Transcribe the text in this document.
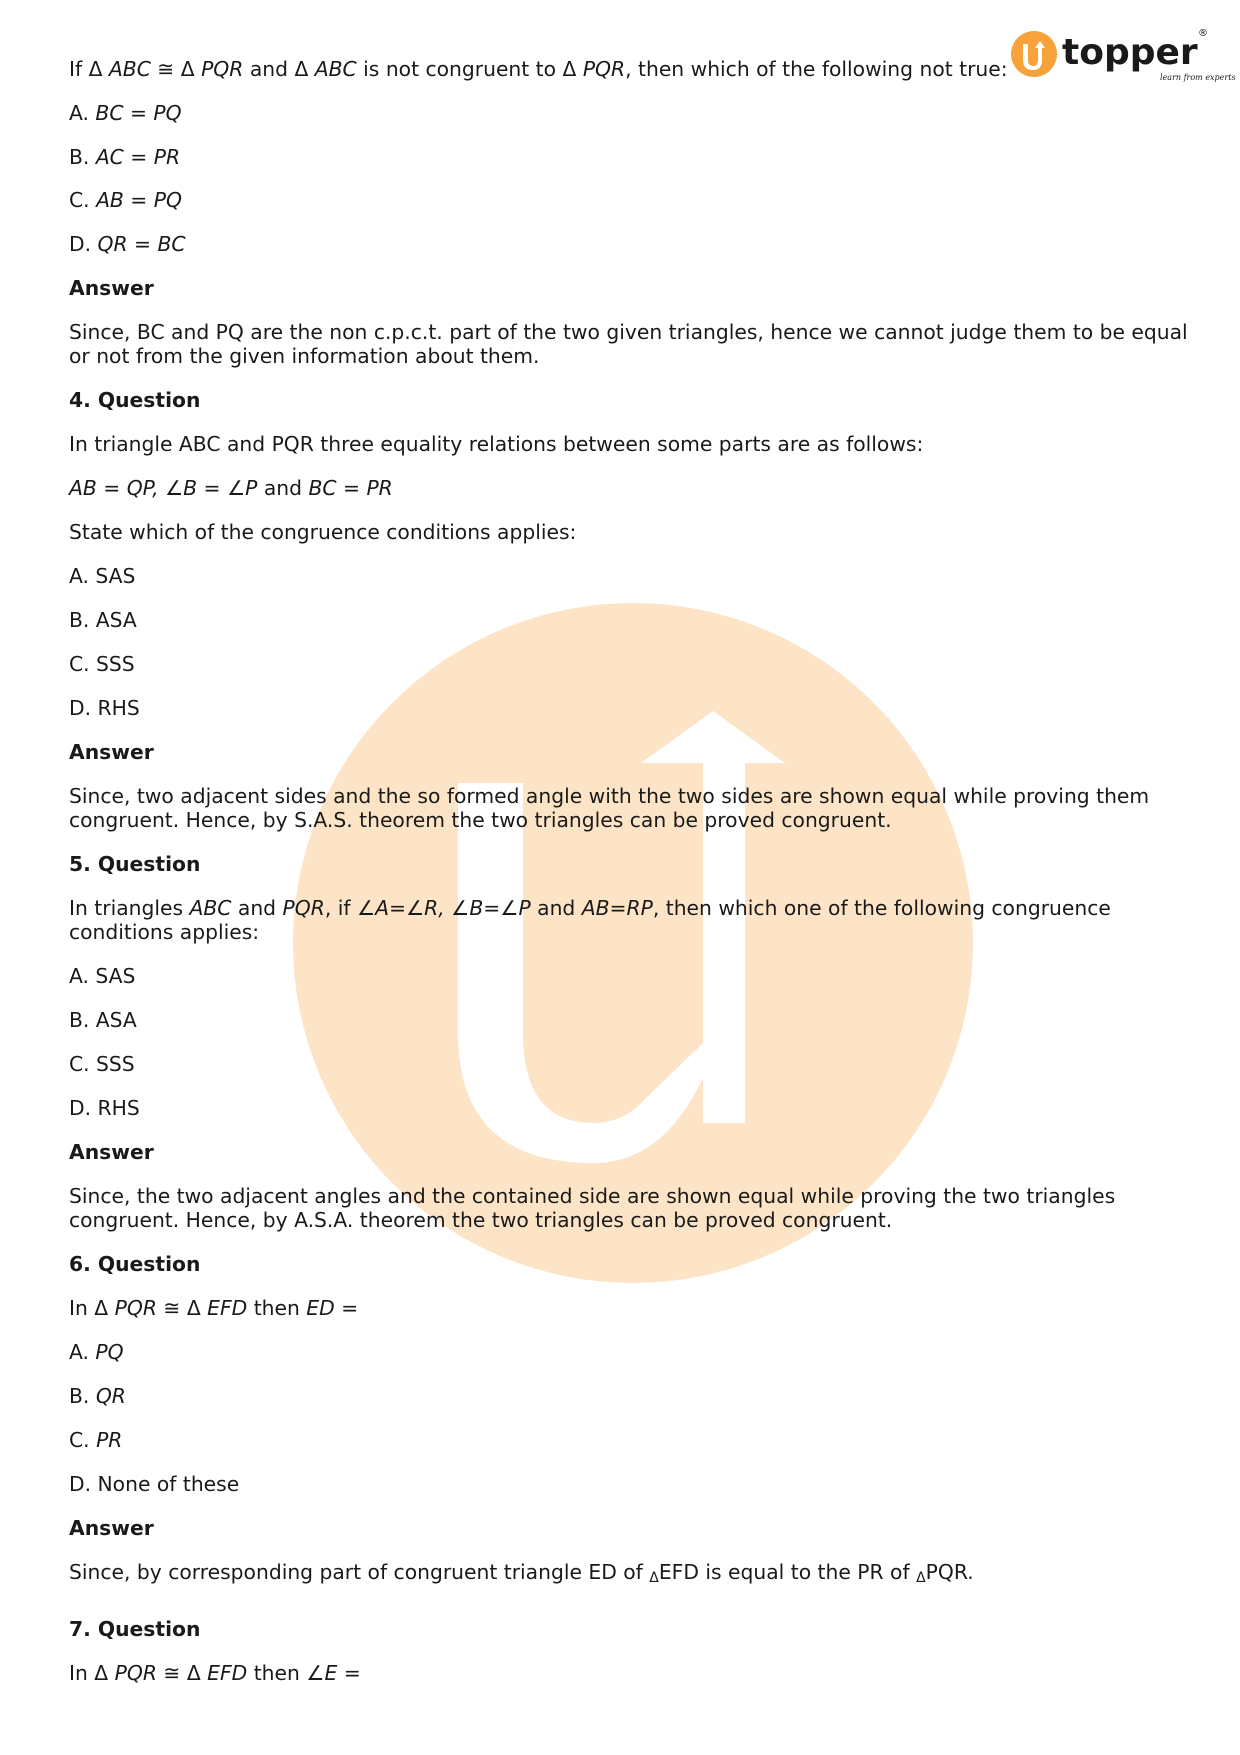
topper
learn from experts
®
If Δ ABC ≅ Δ PQR and Δ ABC is not congruent to Δ PQR, then which of the following not true:
A. BC = PQ
B. AC = PR
C. AB = PQ
D. QR = BC
Answer
Since, BC and PQ are the non c.p.c.t. part of the two given triangles, hence we cannot judge them to be equal or not from the given information about them.
4. Question
In triangle ABC and PQR three equality relations between some parts are as follows:
AB = QP, ∠B = ∠P and BC = PR
State which of the congruence conditions applies:
A. SAS
B. ASA
C. SSS
D. RHS
Answer
Since, two adjacent sides and the so formed angle with the two sides are shown equal while proving them congruent. Hence, by S.A.S. theorem the two triangles can be proved congruent.
5. Question
In triangles ABC and PQR, if ∠A=∠R, ∠B=∠P and AB=RP, then which one of the following congruence conditions applies:
A. SAS
B. ASA
C. SSS
D. RHS
Answer
Since, the two adjacent angles and the contained side are shown equal while proving the two triangles congruent. Hence, by A.S.A. theorem the two triangles can be proved congruent.
6. Question
In Δ PQR ≅ Δ EFD then ED =
A. PQ
B. QR
C. PR
D. None of these
Answer
Since, by corresponding part of congruent triangle ED of ΔEFD is equal to the PR of ΔPQR.
7. Question
In Δ PQR ≅ Δ EFD then ∠E =
